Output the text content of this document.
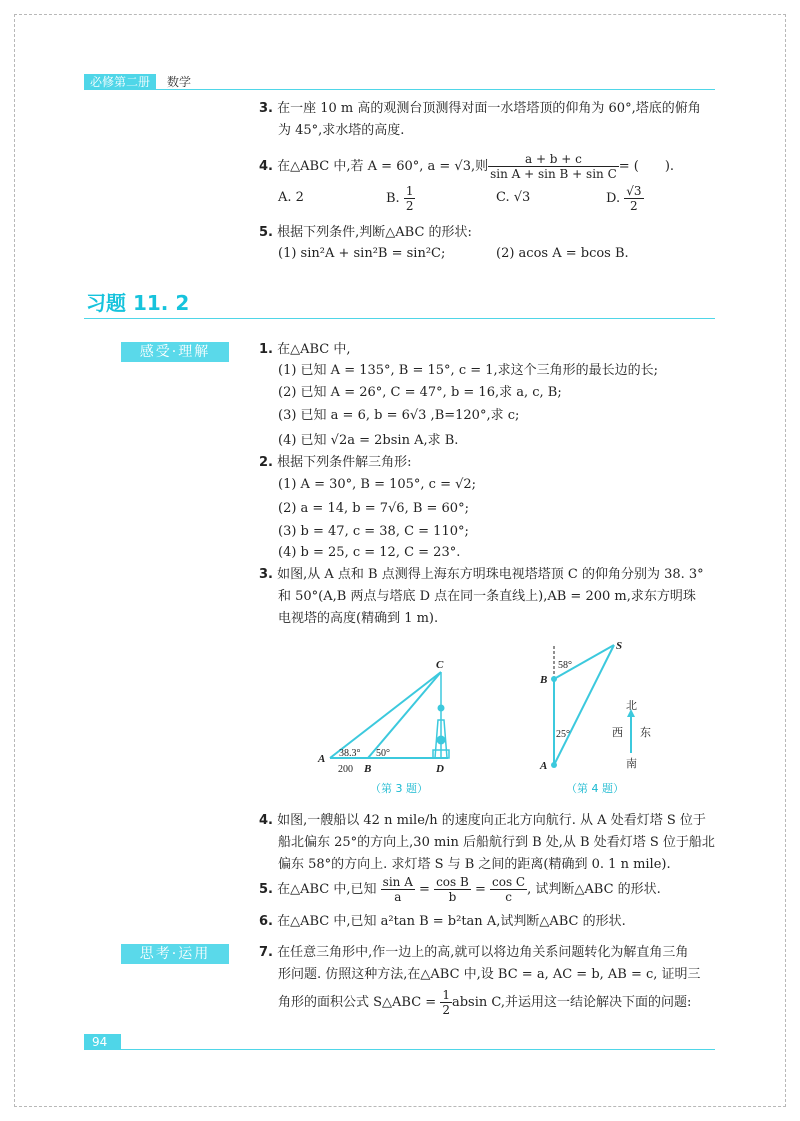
必修第二册	数学
3. 在一座 10 m 高的观测台顶测得对面一水塔塔顶的仰角为 60°,塔底的俯角
为 45°,求水塔的高度.
4.
在△ABC 中,若 A = 60°, a = √3,则 $\frac{a + b + c}{\text{sin A + sin B + sin C}}$ = (　　).
A. 2	B.
$\frac{1}{2}$	C. √3	D.
$\frac{√3}{2}$
5. 根据下列条件,判断△ABC 的形状:
(1) sin²A + sin²B = sin²C;	(2) acos A = bcos B.
习题 11. 2
感受·理解	1. 在△ABC 中,
(1) 已知 A = 135°, B = 15°, c = 1,求这个三角形的最长边的长;
(2) 已知 A = 26°, C = 47°, b = 16,求 a, c, B;
(3) 已知 a = 6, b = 6√3 ,B=120°,求 c;
(4) 已知 √2a = 2bsin A,求 B.
2. 根据下列条件解三角形:
(1) A = 30°, B = 105°, c = √2;
(2) a = 14, b = 7√6, B = 60°;
(3) b = 47, c = 38, C = 110°;
(4) b = 25, c = 12, C = 23°.
3. 如图,从 A 点和 B 点测得上海东方明珠电视塔塔顶 C 的仰角分别为 38. 3°
和 50°(A,B 两点与塔底 D 点在同一条直线上),AB = 200 m,求东方明珠
电视塔的高度(精确到 1 m).
A
B
C
D
38.3° 50°
200
（第 3 题）
S
B
A
58°
25°
北
南
西 东
（第 4 题）
4. 如图,一艘船以 42 n mile/h 的速度向正北方向航行. 从 A 处看灯塔 S 位于
船北偏东 25°的方向上,30 min 后船航行到 B 处,从 B 处看灯塔 S 位于船北
偏东 58°的方向上. 求灯塔 S 与 B 之间的距离(精确到 0. 1 n mile).
5.
在△ABC 中,已知
$\frac{\text{sin A}}{a}$
=
$\frac{\text{cos B}}{b}$
=
$\frac{\text{cos C}}{c}$ , 试判断△ABC 的形状.
6. 在△ABC 中,已知 a²tan B = b²tan A,试判断△ABC 的形状.
思考·运用	7. 在任意三角形中,作一边上的高,就可以将边角关系问题转化为解直角三角
形问题. 仿照这种方法,在△ABC 中,设 BC = a, AC = b, AB = c, 证明三
角形的面积公式 S△ABC =
$\frac{1}{2}$ absin C,并运用这一结论解决下面的问题:
94
